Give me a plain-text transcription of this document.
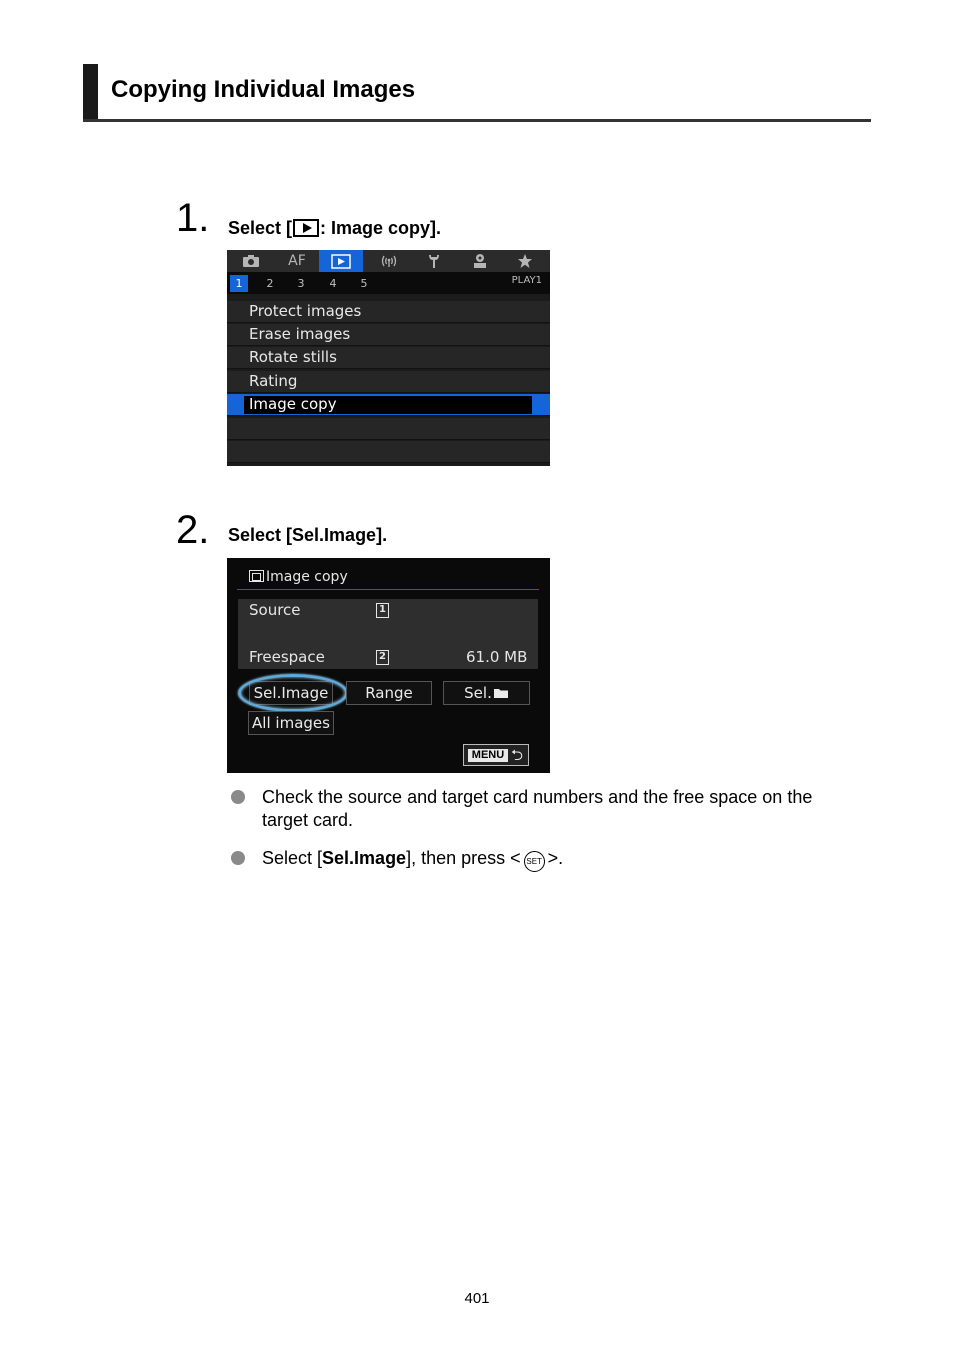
Copying Individual Images
1. Select [ : Image copy].
AF
1	2	3	4	5	PLAY1
Protect images
Erase images
Rotate stills
Rating
Image copy
2. Select [Sel.Image].
Image copy
Source	1
Freespace	2	61.0 MB
Sel.Image	Range	Sel.
All images
MENU ⮌
Check the source and target card numbers and the free space on the target card.
Select [Sel.Image], then press < SET >.
401
